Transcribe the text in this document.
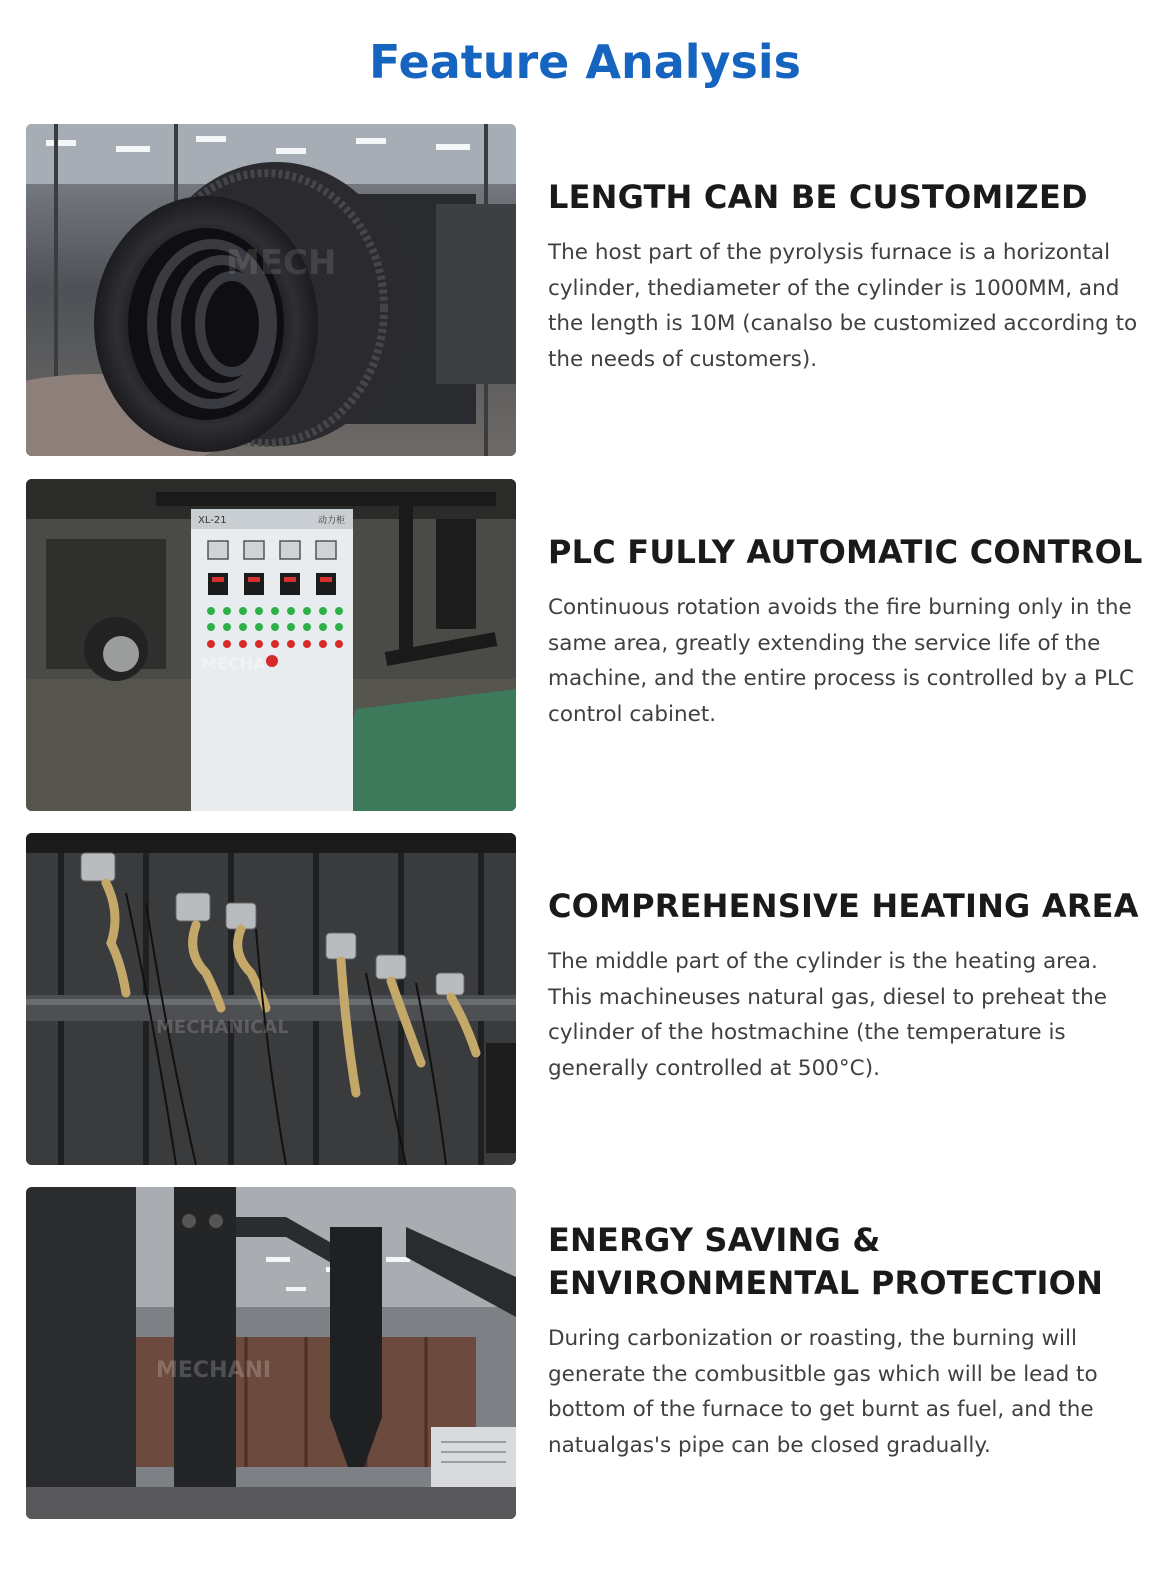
Feature Analysis
MECH
LENGTH CAN BE CUSTOMIZED

The host part of the pyrolysis furnace is a horizontal cylinder, thediameter of the cylinder is 1000MM, and the length is 10M (canalso be customized according to the needs of customers).

XL-21	动力柜
MECHA
PLC FULLY AUTOMATIC CONTROL

Continuous rotation avoids the fire burning only in the same area, greatly extending the service life of the machine, and the entire process is controlled by a PLC control cabinet.

MECHANICAL
COMPREHENSIVE HEATING AREA

The middle part of the cylinder is the heating area. This machineuses natural gas, diesel to preheat the cylinder of the hostmachine (the temperature is generally controlled at 500°C).

MECHANI
ENERGY SAVING & ENVIRONMENTAL PROTECTION

During carbonization or roasting, the burning will generate the combusitble gas which will be lead to bottom of the furnace to get burnt as fuel, and the natualgas's pipe can be closed gradually.
